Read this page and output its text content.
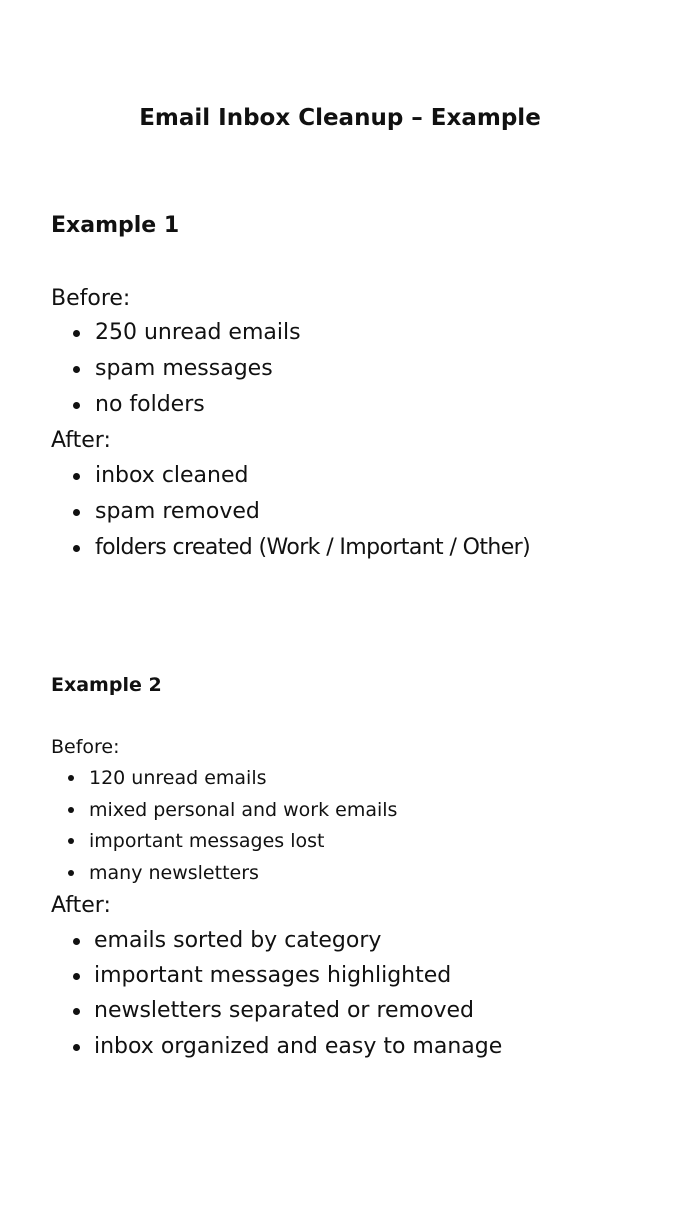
Email Inbox Cleanup – Example
Example 1
Before:
250 unread emails
spam messages
no folders
After:
inbox cleaned
spam removed
folders created (Work / Important / Other)
Example 2
Before:
120 unread emails
mixed personal and work emails
important messages lost
many newsletters
After:
emails sorted by category
important messages highlighted
newsletters separated or removed
inbox organized and easy to manage
